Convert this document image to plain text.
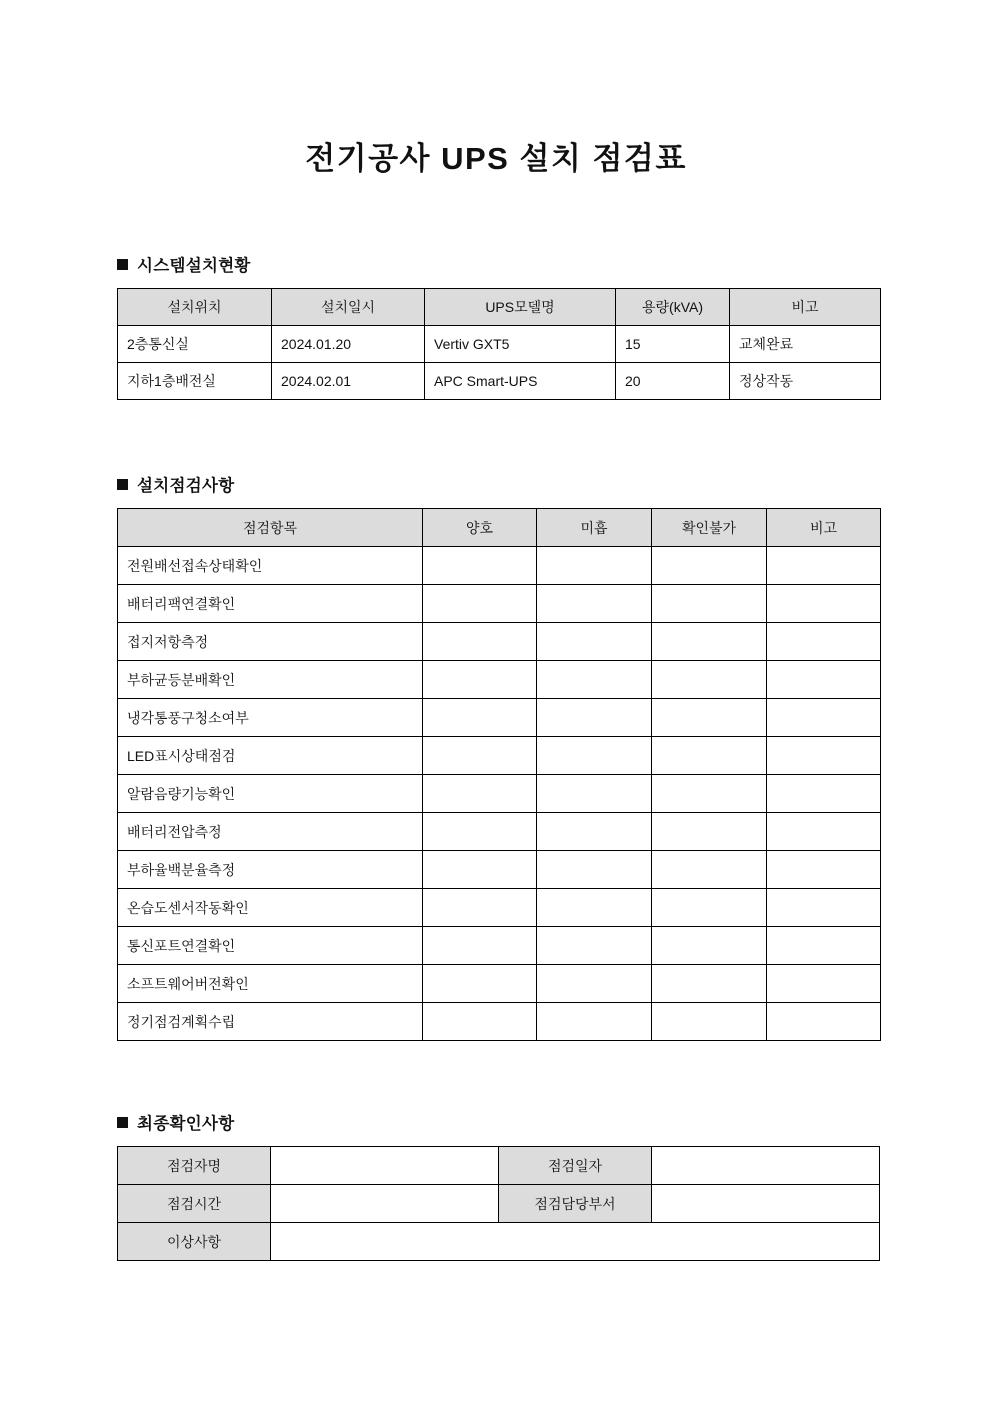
전기공사 UPS 설치 점검표
시스템설치현황
설치위치	설치일시	UPS모델명	용량(kVA)	비고
2층통신실	2024.01.20	Vertiv GXT5	15	교체완료
지하1층배전실	2024.02.01	APC Smart-UPS	20	정상작동
설치점검사항
점검항목	양호	미흡	확인불가	비고
전원배선접속상태확인				
배터리팩연결확인				
접지저항측정				
부하균등분배확인				
냉각통풍구청소여부				
LED표시상태점검				
알람음량기능확인				
배터리전압측정				
부하율백분율측정				
온습도센서작동확인				
통신포트연결확인				
소프트웨어버전확인				
정기점검계획수립				
최종확인사항
점검자명		점검일자	
점검시간		점검담당부서	
이상사항			
